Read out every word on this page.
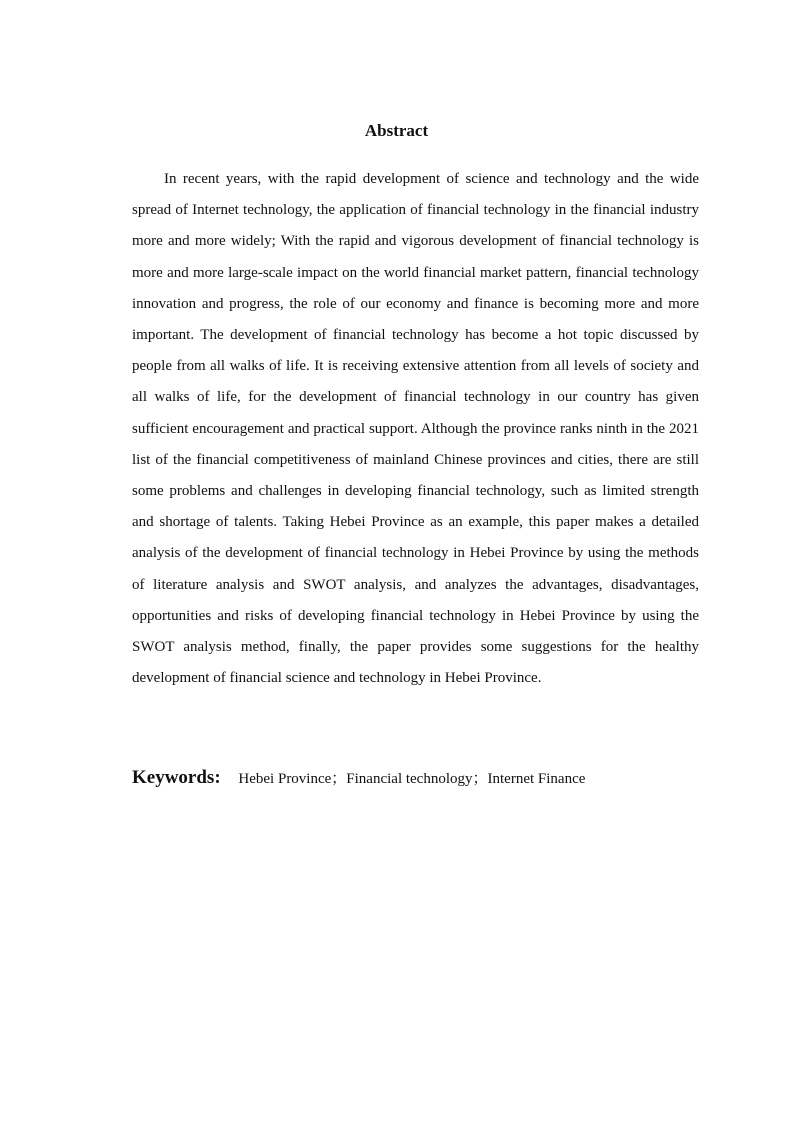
Abstract

In recent years, with the rapid development of science and technology and the wide spread of Internet technology, the application of financial technology in the financial industry more and more widely; With the rapid and vigorous development of financial technology is more and more large-scale impact on the world financial market pattern, financial technology innovation and progress, the role of our economy and finance is becoming more and more important. The development of financial technology has become a hot topic discussed by people from all walks of life. It is receiving extensive attention from all levels of society and all walks of life, for the development of financial technology in our country has given sufficient encouragement and practical support. Although the province ranks ninth in the 2021 list of the financial competitiveness of mainland Chinese provinces and cities, there are still some problems and challenges in developing financial technology, such as limited strength and shortage of talents. Taking Hebei Province as an example, this paper makes a detailed analysis of the development of financial technology in Hebei Province by using the methods of literature analysis and SWOT analysis, and analyzes the advantages, disadvantages, opportunities and risks of developing financial technology in Hebei Province by using the SWOT analysis method, finally, the paper provides some suggestions for the healthy development of financial science and technology in Hebei Province.

Keywords: Hebei Province；Financial technology；Internet Finance
